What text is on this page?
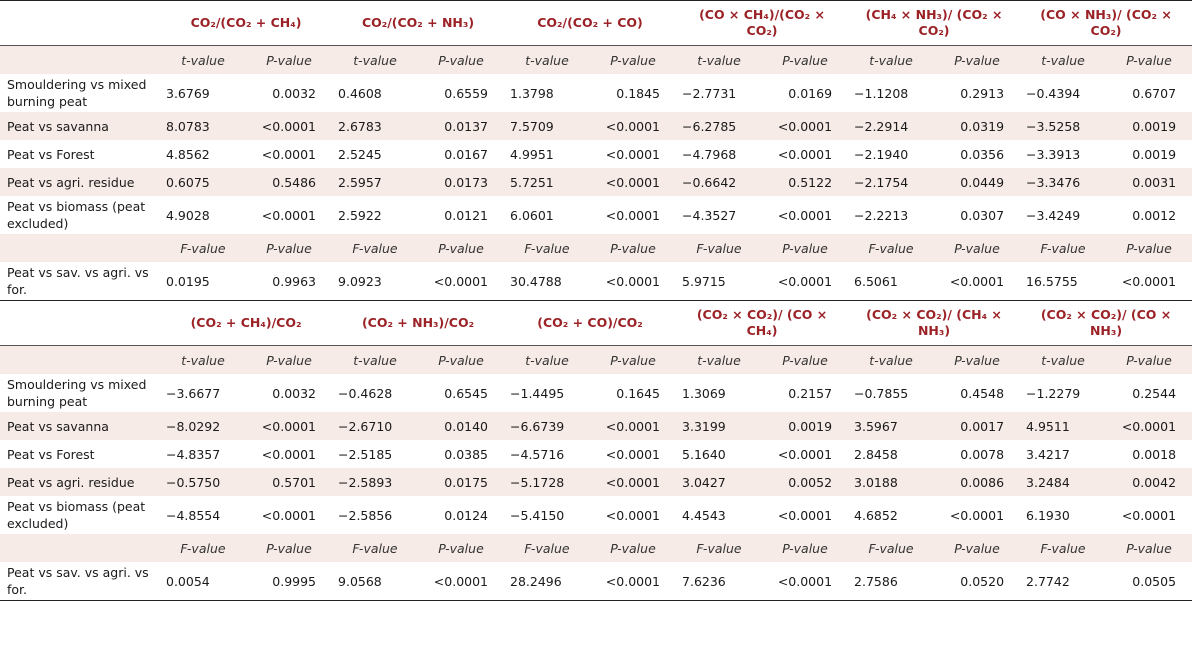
	CO₂/(CO₂ + CH₄)		CO₂/(CO₂ + NH₃)		CO₂/(CO₂ + CO)		(CO × CH₄)/(CO₂ × CO₂)		(CH₄ × NH₃)/ (CO₂ × CO₂)		(CO × NH₃)/ (CO₂ × CO₂)	
	t-value	P-value	t-value	P-value	t-value	P-value	t-value	P-value	t-value	P-value	t-value	P-value
Smouldering vs mixed burning peat	3.6769	0.0032	0.4608	0.6559	1.3798	0.1845	−2.7731	0.0169	−1.1208	0.2913	−0.4394	0.6707
Peat vs savanna	8.0783	<0.0001	2.6783	0.0137	7.5709	<0.0001	−6.2785	<0.0001	−2.2914	0.0319	−3.5258	0.0019
Peat vs Forest	4.8562	<0.0001	2.5245	0.0167	4.9951	<0.0001	−4.7968	<0.0001	−2.1940	0.0356	−3.3913	0.0019
Peat vs agri. residue	0.6075	0.5486	2.5957	0.0173	5.7251	<0.0001	−0.6642	0.5122	−2.1754	0.0449	−3.3476	0.0031
Peat vs biomass (peat excluded)	4.9028	<0.0001	2.5922	0.0121	6.0601	<0.0001	−4.3527	<0.0001	−2.2213	0.0307	−3.4249	0.0012
	F-value	P-value	F-value	P-value	F-value	P-value	F-value	P-value	F-value	P-value	F-value	P-value
Peat vs sav. vs agri. vs for.	0.0195	0.9963	9.0923	<0.0001	30.4788	<0.0001	5.9715	<0.0001	6.5061	<0.0001	16.5755	<0.0001
	(CO₂ + CH₄)/CO₂		(CO₂ + NH₃)/CO₂		(CO₂ + CO)/CO₂		(CO₂ × CO₂)/ (CO × CH₄)		(CO₂ × CO₂)/ (CH₄ × NH₃)		(CO₂ × CO₂)/ (CO × NH₃)	
	t-value	P-value	t-value	P-value	t-value	P-value	t-value	P-value	t-value	P-value	t-value	P-value
Smouldering vs mixed burning peat	−3.6677	0.0032	−0.4628	0.6545	−1.4495	0.1645	1.3069	0.2157	−0.7855	0.4548	−1.2279	0.2544
Peat vs savanna	−8.0292	<0.0001	−2.6710	0.0140	−6.6739	<0.0001	3.3199	0.0019	3.5967	0.0017	4.9511	<0.0001
Peat vs Forest	−4.8357	<0.0001	−2.5185	0.0385	−4.5716	<0.0001	5.1640	<0.0001	2.8458	0.0078	3.4217	0.0018
Peat vs agri. residue	−0.5750	0.5701	−2.5893	0.0175	−5.1728	<0.0001	3.0427	0.0052	3.0188	0.0086	3.2484	0.0042
Peat vs biomass (peat excluded)	−4.8554	<0.0001	−2.5856	0.0124	−5.4150	<0.0001	4.4543	<0.0001	4.6852	<0.0001	6.1930	<0.0001
	F-value	P-value	F-value	P-value	F-value	P-value	F-value	P-value	F-value	P-value	F-value	P-value
Peat vs sav. vs agri. vs for.	0.0054	0.9995	9.0568	<0.0001	28.2496	<0.0001	7.6236	<0.0001	2.7586	0.0520	2.7742	0.0505
